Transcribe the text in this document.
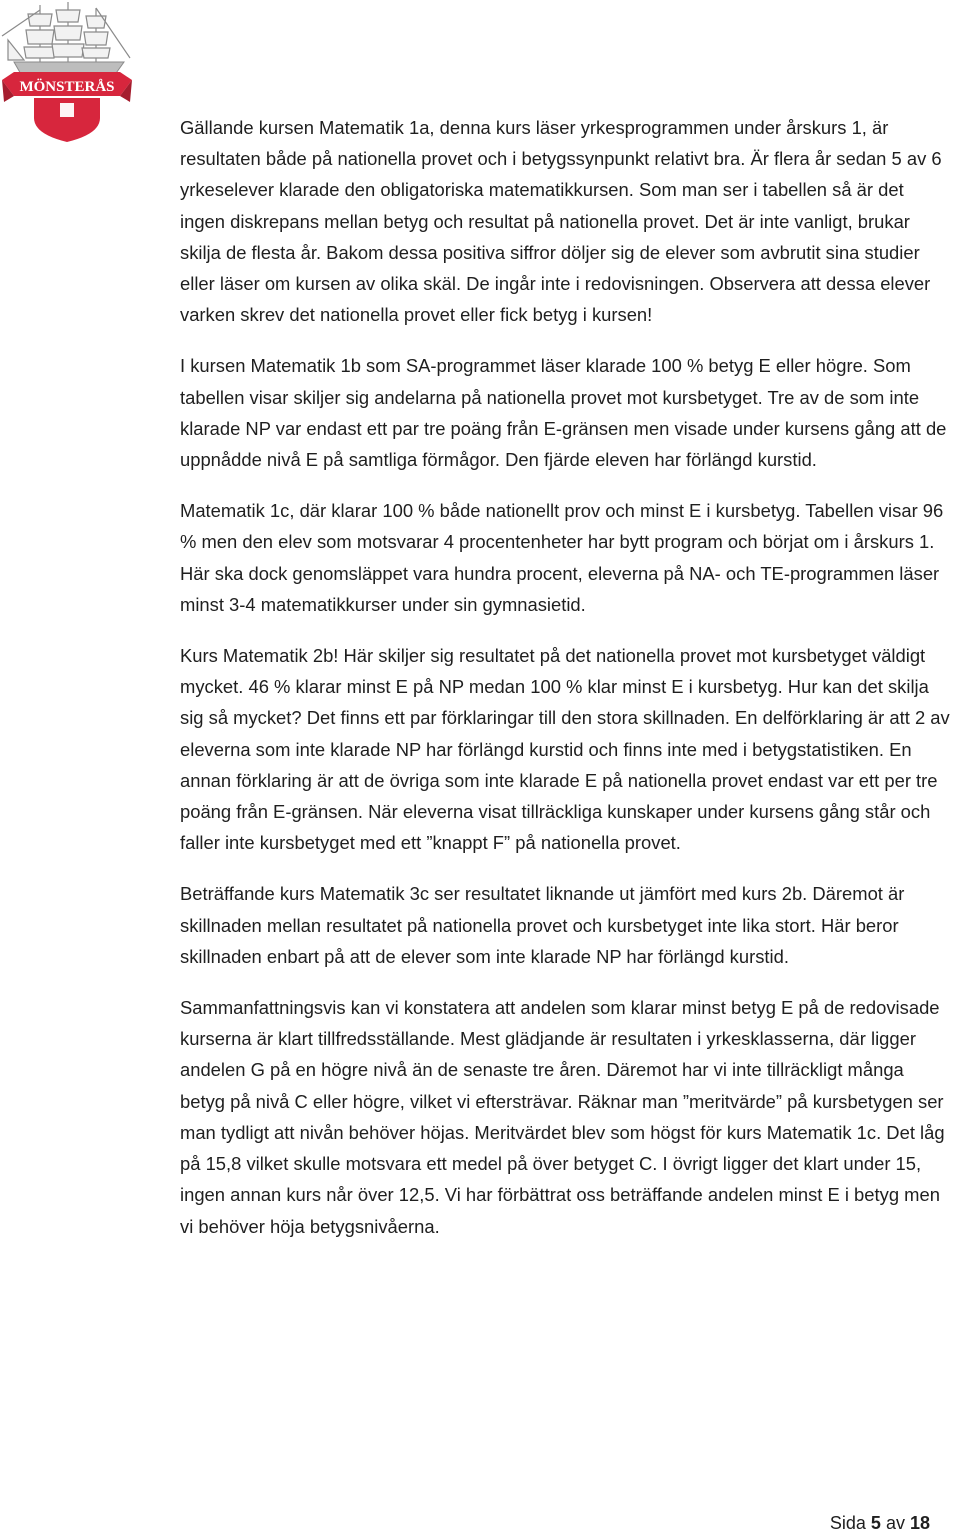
MÖNSTERÅS

Gällande kursen Matematik 1a, denna kurs läser yrkesprogrammen under årskurs 1, är resultaten både på nationella provet och i betygssynpunkt relativt bra. Är flera år sedan 5 av 6 yrkeselever klarade den obligatoriska matematikkursen. Som man ser i tabellen så är det ingen diskrepans mellan betyg och resultat på nationella provet. Det är inte vanligt, brukar skilja de flesta år. Bakom dessa positiva siffror döljer sig de elever som avbrutit sina studier eller läser om kursen av olika skäl. De ingår inte i redovisningen. Observera att dessa elever varken skrev det nationella provet eller fick betyg i kursen!

I kursen Matematik 1b som SA-programmet läser klarade 100 % betyg E eller högre. Som tabellen visar skiljer sig andelarna på nationella provet mot kursbetyget. Tre av de som inte klarade NP var endast ett par tre poäng från E-gränsen men visade under kursens gång att de uppnådde nivå E på samtliga förmågor. Den fjärde eleven har förlängd kurstid.

Matematik 1c, där klarar 100 % både nationellt prov och minst E i kursbetyg. Tabellen visar 96 % men den elev som motsvarar 4 procentenheter har bytt program och börjat om i årskurs 1. Här ska dock genomsläppet vara hundra procent, eleverna på NA- och TE-programmen läser minst 3-4 matematikkurser under sin gymnasietid.

Kurs Matematik 2b! Här skiljer sig resultatet på det nationella provet mot kursbetyget väldigt mycket. 46 % klarar minst E på NP medan 100 % klar minst E i kursbetyg. Hur kan det skilja sig så mycket? Det finns ett par förklaringar till den stora skillnaden. En delförklaring är att 2 av eleverna som inte klarade NP har förlängd kurstid och finns inte med i betygstatistiken. En annan förklaring är att de övriga som inte klarade E på nationella provet endast var ett per tre poäng från E-gränsen. När eleverna visat tillräckliga kunskaper under kursens gång står och faller inte kursbetyget med ett ”knappt F” på nationella provet.

Beträffande kurs Matematik 3c ser resultatet liknande ut jämfört med kurs 2b. Däremot är skillnaden mellan resultatet på nationella provet och kursbetyget inte lika stort. Här beror skillnaden enbart på att de elever som inte klarade NP har förlängd kurstid.

Sammanfattningsvis kan vi konstatera att andelen som klarar minst betyg E på de redovisade kurserna är klart tillfredsställande. Mest glädjande är resultaten i yrkesklasserna, där ligger andelen G på en högre nivå än de senaste tre åren. Däremot har vi inte tillräckligt många betyg på nivå C eller högre, vilket vi eftersträvar. Räknar man ”meritvärde” på kursbetygen ser man tydligt att nivån behöver höjas. Meritvärdet blev som högst för kurs Matematik 1c. Det låg på 15,8 vilket skulle motsvara ett medel på över betyget C. I övrigt ligger det klart under 15, ingen annan kurs når över 12,5. Vi har förbättrat oss beträffande andelen minst E i betyg men vi behöver höja betygsnivåerna.

Sida 5 av 18
